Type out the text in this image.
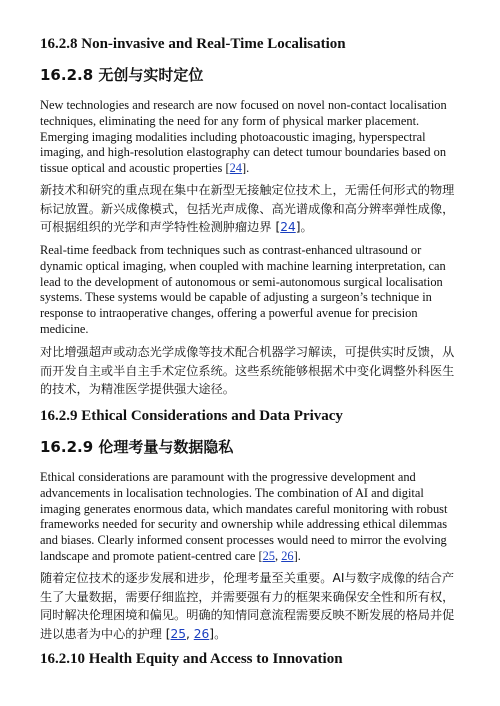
16.2.8 Non-invasive and Real-Time Localisation
16.2.8 无创与实时定位

New technologies and research are now focused on novel non-contact localisation techniques, eliminating the need for any form of physical marker placement. Emerging imaging modalities including photoacoustic imaging, hyperspectral imaging, and high-resolution elastography can detect tumour boundaries based on tissue optical and acoustic properties [24].

新技术和研究的重点现在集中在新型无接触定位技术上，无需任何形式的物理标记放置。新兴成像模式，包括光声成像、高光谱成像和高分辨率弹性成像，可根据组织的光学和声学特性检测肿瘤边界 [24]。

Real-time feedback from techniques such as contrast-enhanced ultrasound or dynamic optical imaging, when coupled with machine learning interpretation, can lead to the development of autonomous or semi-autonomous surgical localisation systems. These systems would be capable of adjusting a surgeon’s technique in response to intraoperative changes, offering a powerful avenue for precision medicine.

对比增强超声或动态光学成像等技术配合机器学习解读，可提供实时反馈，从而开发自主或半自主手术定位系统。这些系统能够根据术中变化调整外科医生的技术，为精准医学提供强大途径。

16.2.9 Ethical Considerations and Data Privacy
16.2.9 伦理考量与数据隐私

Ethical considerations are paramount with the progressive development and advancements in localisation technologies. The combination of AI and digital imaging generates enormous data, which mandates careful monitoring with robust frameworks needed for security and ownership while addressing ethical dilemmas and biases. Clearly informed consent processes would need to mirror the evolving landscape and promote patient-centred care [25, 26].

随着定位技术的逐步发展和进步，伦理考量至关重要。AI与数字成像的结合产生了大量数据，需要仔细监控，并需要强有力的框架来确保安全性和所有权，同时解决伦理困境和偏见。明确的知情同意流程需要反映不断发展的格局并促进以患者为中心的护理 [25, 26]。

16.2.10 Health Equity and Access to Innovation
